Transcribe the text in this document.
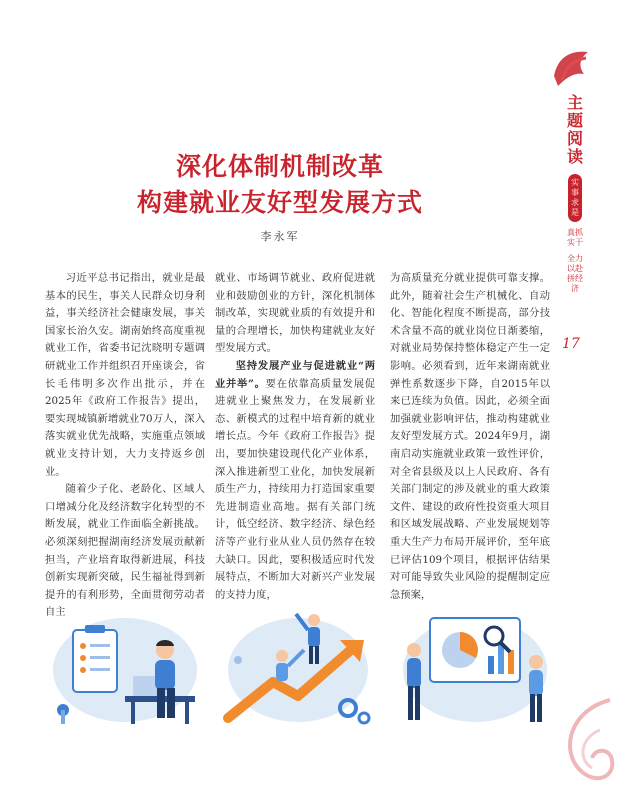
主题阅读
实事求是
真抓实干
全力以赴拼经济
17
深化体制机制改革
构建就业友好型发展方式
李永军

习近平总书记指出，就业是最基本的民生，事关人民群众切身利益，事关经济社会健康发展，事关国家长治久安。湖南始终高度重视就业工作，省委书记沈晓明专题调研就业工作并组织召开座谈会，省长毛伟明多次作出批示，并在2025年《政府工作报告》提出，要实现城镇新增就业70万人，深入落实就业优先战略，实施重点领域就业支持计划，大力支持返乡创业。

随着少子化、老龄化、区域人口增减分化及经济数字化转型的不断发展，就业工作面临全新挑战。必须深刻把握湖南经济发展贡献新担当，产业培育取得新进展，科技创新实现新突破，民生福祉得到新提升的有利形势，全面贯彻劳动者自主

就业、市场调节就业、政府促进就业和鼓励创业的方针，深化机制体制改革，实现就业质的有效提升和量的合理增长，加快构建就业友好型发展方式。

坚持发展产业与促进就业“两业并举”。要在依靠高质量发展促进就业上聚焦发力，在发展新业态、新模式的过程中培育新的就业增长点。今年《政府工作报告》提出，要加快建设现代化产业体系，深入推进新型工业化，加快发展新质生产力，持续用力打造国家重要先进制造业高地。据有关部门统计，低空经济、数字经济、绿色经济等产业行业从业人员仍然存在较大缺口。因此，要积极适应时代发展特点，不断加大对新兴产业发展的支持力度，

为高质量充分就业提供可靠支撑。此外，随着社会生产机械化、自动化、智能化程度不断提高，部分技术含量不高的就业岗位日渐萎缩，对就业局势保持整体稳定产生一定影响。必须看到，近年来湖南就业弹性系数逐步下降，自2015年以来已连续为负值。因此，必须全面加强就业影响评估，推动构建就业友好型发展方式。2024年9月，湖南启动实施就业政策一致性评价，对全省县级及以上人民政府、各有关部门制定的涉及就业的重大政策文件、建设的政府性投资重大项目和区域发展战略、产业发展规划等重大生产力布局开展评价，至年底已评估109个项目，根据评估结果对可能导致失业风险的提醒制定应急预案，
